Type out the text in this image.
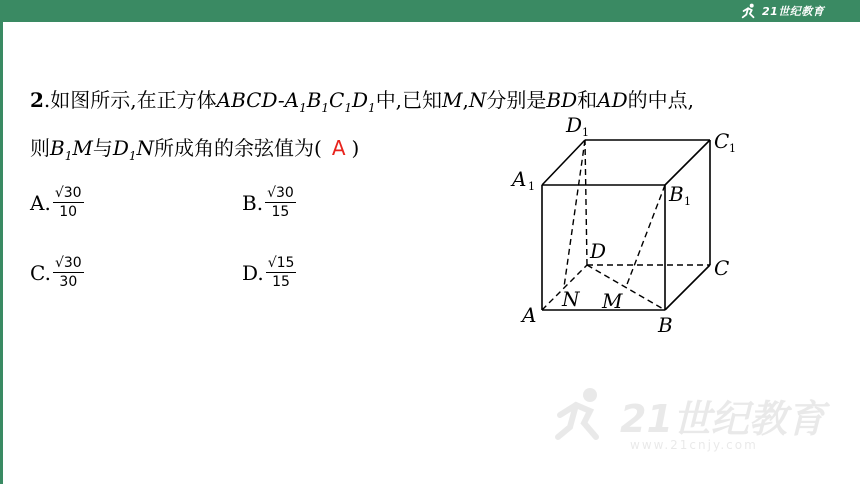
21世纪教育
2.如图所示,在正方体ABCD-$A_1B_1C_1D_1$中,已知M,N分别是BD和AD的中点,
则$B_1M$与$D_1N$所成角的余弦值为( A )
A. $\frac{√30}{10}$	B. $\frac{√30}{15}$
C. $\frac{√30}{30}$	D. $\frac{√15}{15}$
A	B
C
D
A 1	B 1
C 1
D 1
N M
21世纪教育
www.21cnjy.com
